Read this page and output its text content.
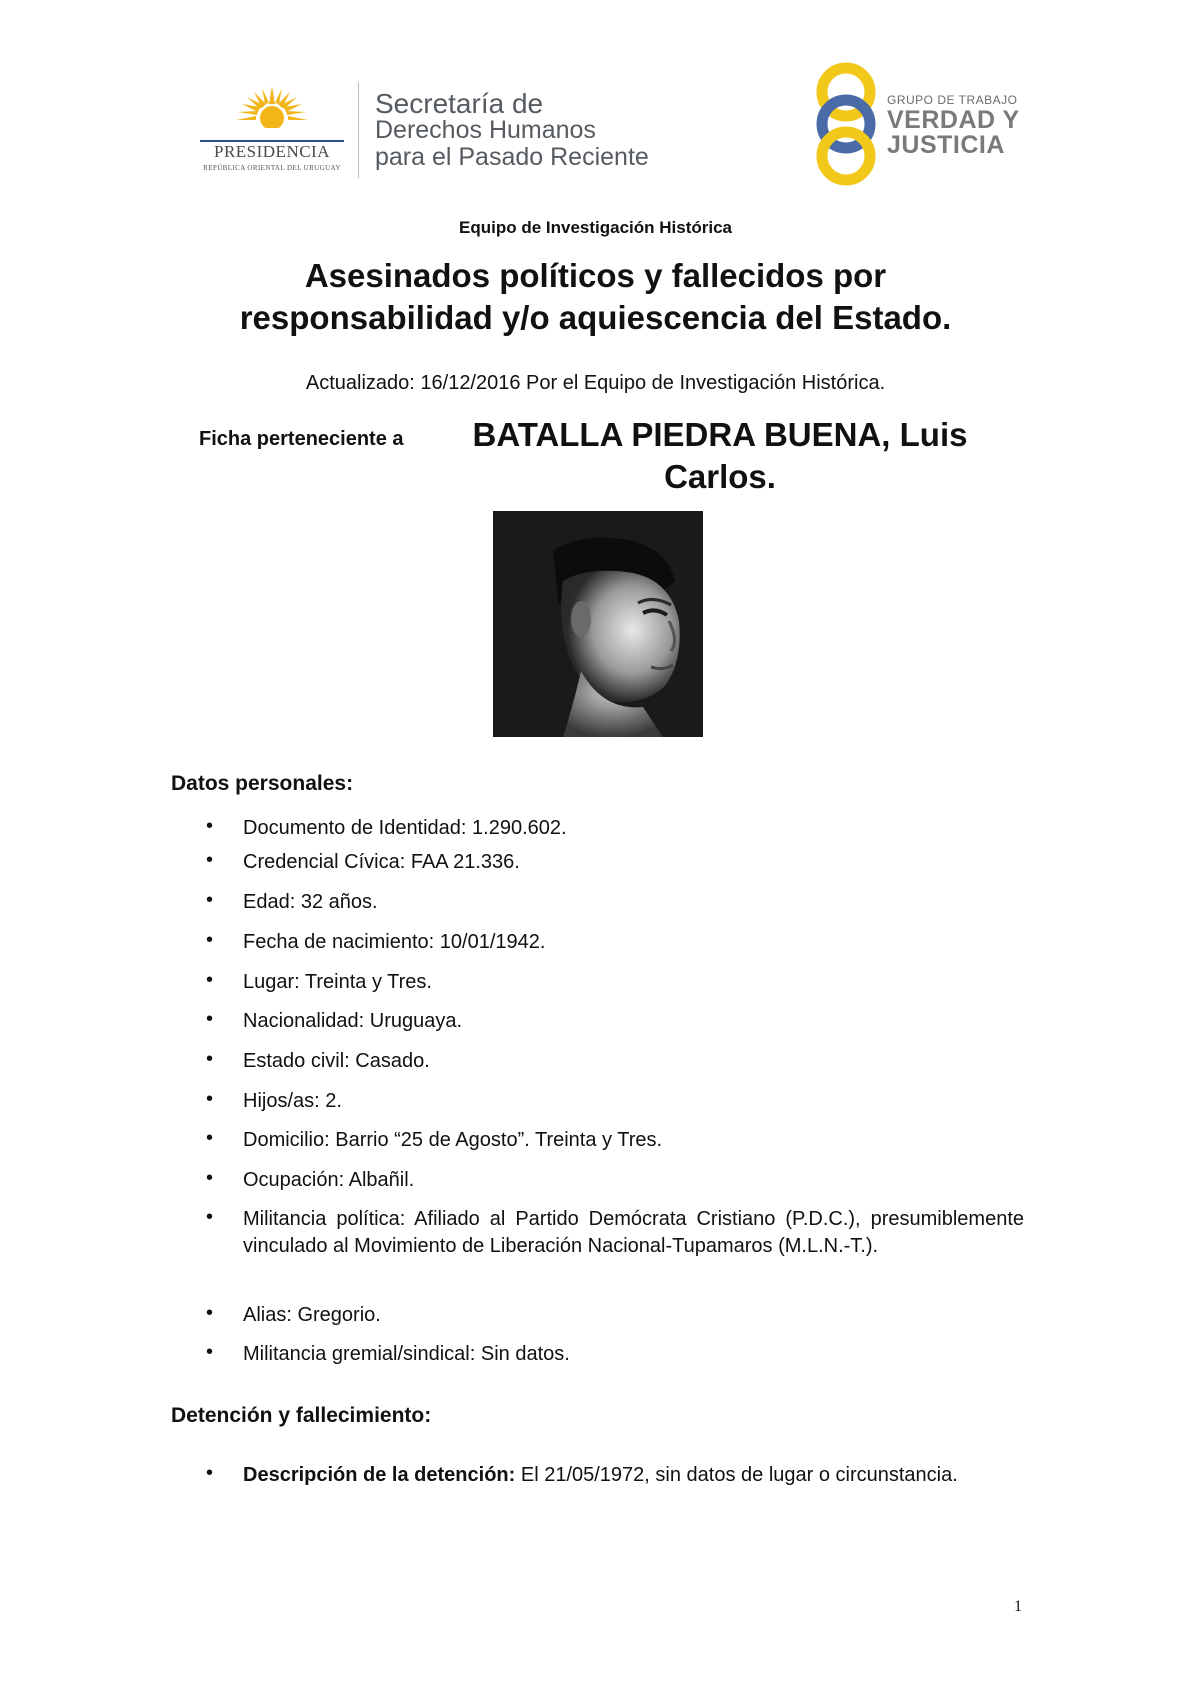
PRESIDENCIA
REPÚBLICA ORIENTAL DEL URUGUAY
Secretaría de
Derechos Humanos
para el Pasado Reciente
GRUPO DE TRABAJO
VERDAD Y
JUSTICIA
Equipo de Investigación Histórica
Asesinados políticos y fallecidos por
responsabilidad y/o aquiescencia del Estado.
Actualizado: 16/12/2016 Por el Equipo de Investigación Histórica.
Ficha perteneciente a	BATALLA PIEDRA BUENA, Luis
Carlos.
Datos personales:
• Documento de Identidad: 1.290.602.
• Credencial Cívica: FAA 21.336.
• Edad: 32 años.
• Fecha de nacimiento: 10/01/1942.
• Lugar: Treinta y Tres.
• Nacionalidad: Uruguaya.
• Estado civil: Casado.
• Hijos/as: 2.
• Domicilio: Barrio “25 de Agosto”. Treinta y Tres.
• Ocupación: Albañil.
• Militancia política: Afiliado al Partido Demócrata Cristiano (P.D.C.), presumiblemente vinculado al Movimiento de Liberación Nacional-Tupamaros (M.L.N.-T.).
• Alias: Gregorio.
• Militancia gremial/sindical: Sin datos.
Detención y fallecimiento:
• Descripción de la detención: El 21/05/1972, sin datos de lugar o circunstancia.
1
